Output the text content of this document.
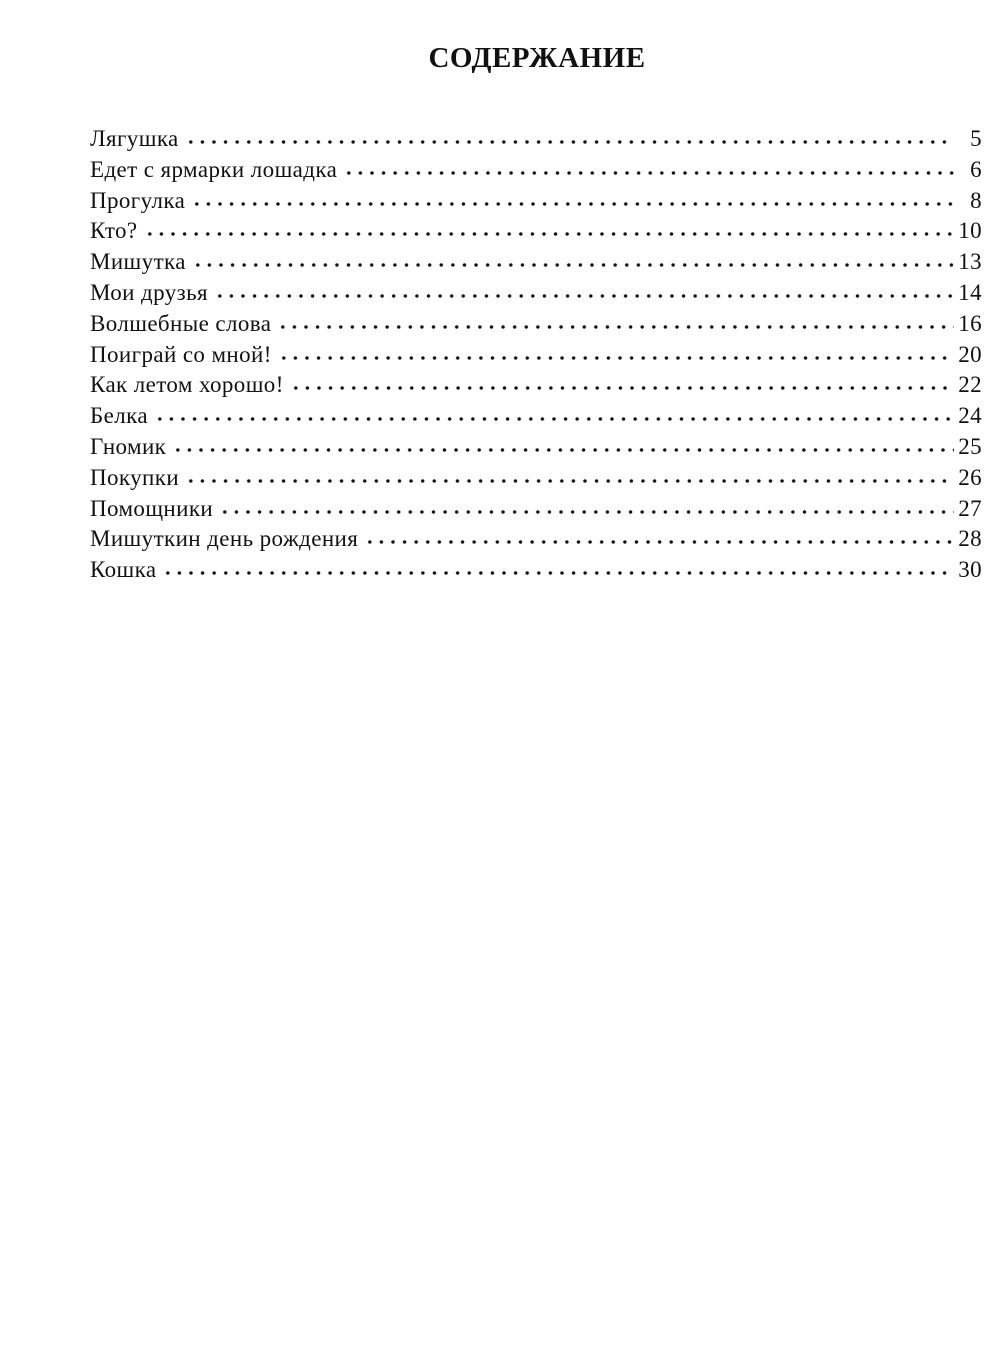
СОДЕРЖАНИЕ
Лягушка	5
Едет с ярмарки лошадка	6
Прогулка	8
Кто?	10
Мишутка	13
Мои друзья	14
Волшебные слова	16
Поиграй со мной!	20
Как летом хорошо!	22
Белка	24
Гномик	25
Покупки	26
Помощники	27
Мишуткин день рождения	28
Кошка	30
